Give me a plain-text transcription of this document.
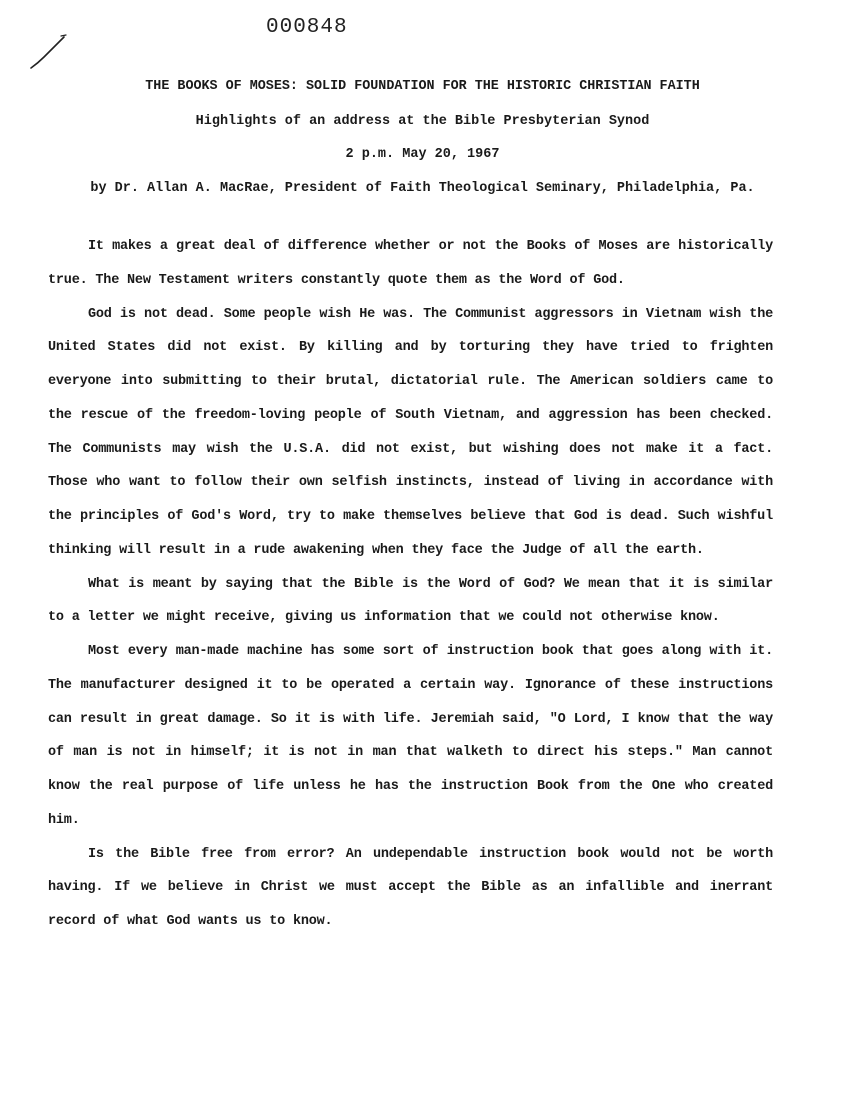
000848
THE BOOKS OF MOSES: SOLID FOUNDATION FOR THE HISTORIC CHRISTIAN FAITH
Highlights of an address at the Bible Presbyterian Synod
2 p.m. May 20, 1967
by Dr. Allan A. MacRae, President of Faith Theological Seminary, Philadelphia, Pa.

It makes a great deal of difference whether or not the Books of Moses are historically true. The New Testament writers constantly quote them as the Word of God.

God is not dead. Some people wish He was. The Communist aggressors in Vietnam wish the United States did not exist. By killing and by torturing they have tried to frighten everyone into submitting to their brutal, dictatorial rule. The American soldiers came to the rescue of the freedom-loving people of South Vietnam, and aggression has been checked. The Communists may wish the U.S.A. did not exist, but wishing does not make it a fact. Those who want to follow their own selfish instincts, instead of living in accordance with the principles of God's Word, try to make themselves believe that God is dead. Such wishful thinking will result in a rude awakening when they face the Judge of all the earth.

What is meant by saying that the Bible is the Word of God? We mean that it is similar to a letter we might receive, giving us information that we could not otherwise know.

Most every man-made machine has some sort of instruction book that goes along with it. The manufacturer designed it to be operated a certain way. Ignorance of these instructions can result in great damage. So it is with life. Jeremiah said, "O Lord, I know that the way of man is not in himself; it is not in man that walketh to direct his steps." Man cannot know the real purpose of life unless he has the instruction Book from the One who created him.

Is the Bible free from error? An undependable instruction book would not be worth having. If we believe in Christ we must accept the Bible as an infallible and inerrant record of what God wants us to know.
